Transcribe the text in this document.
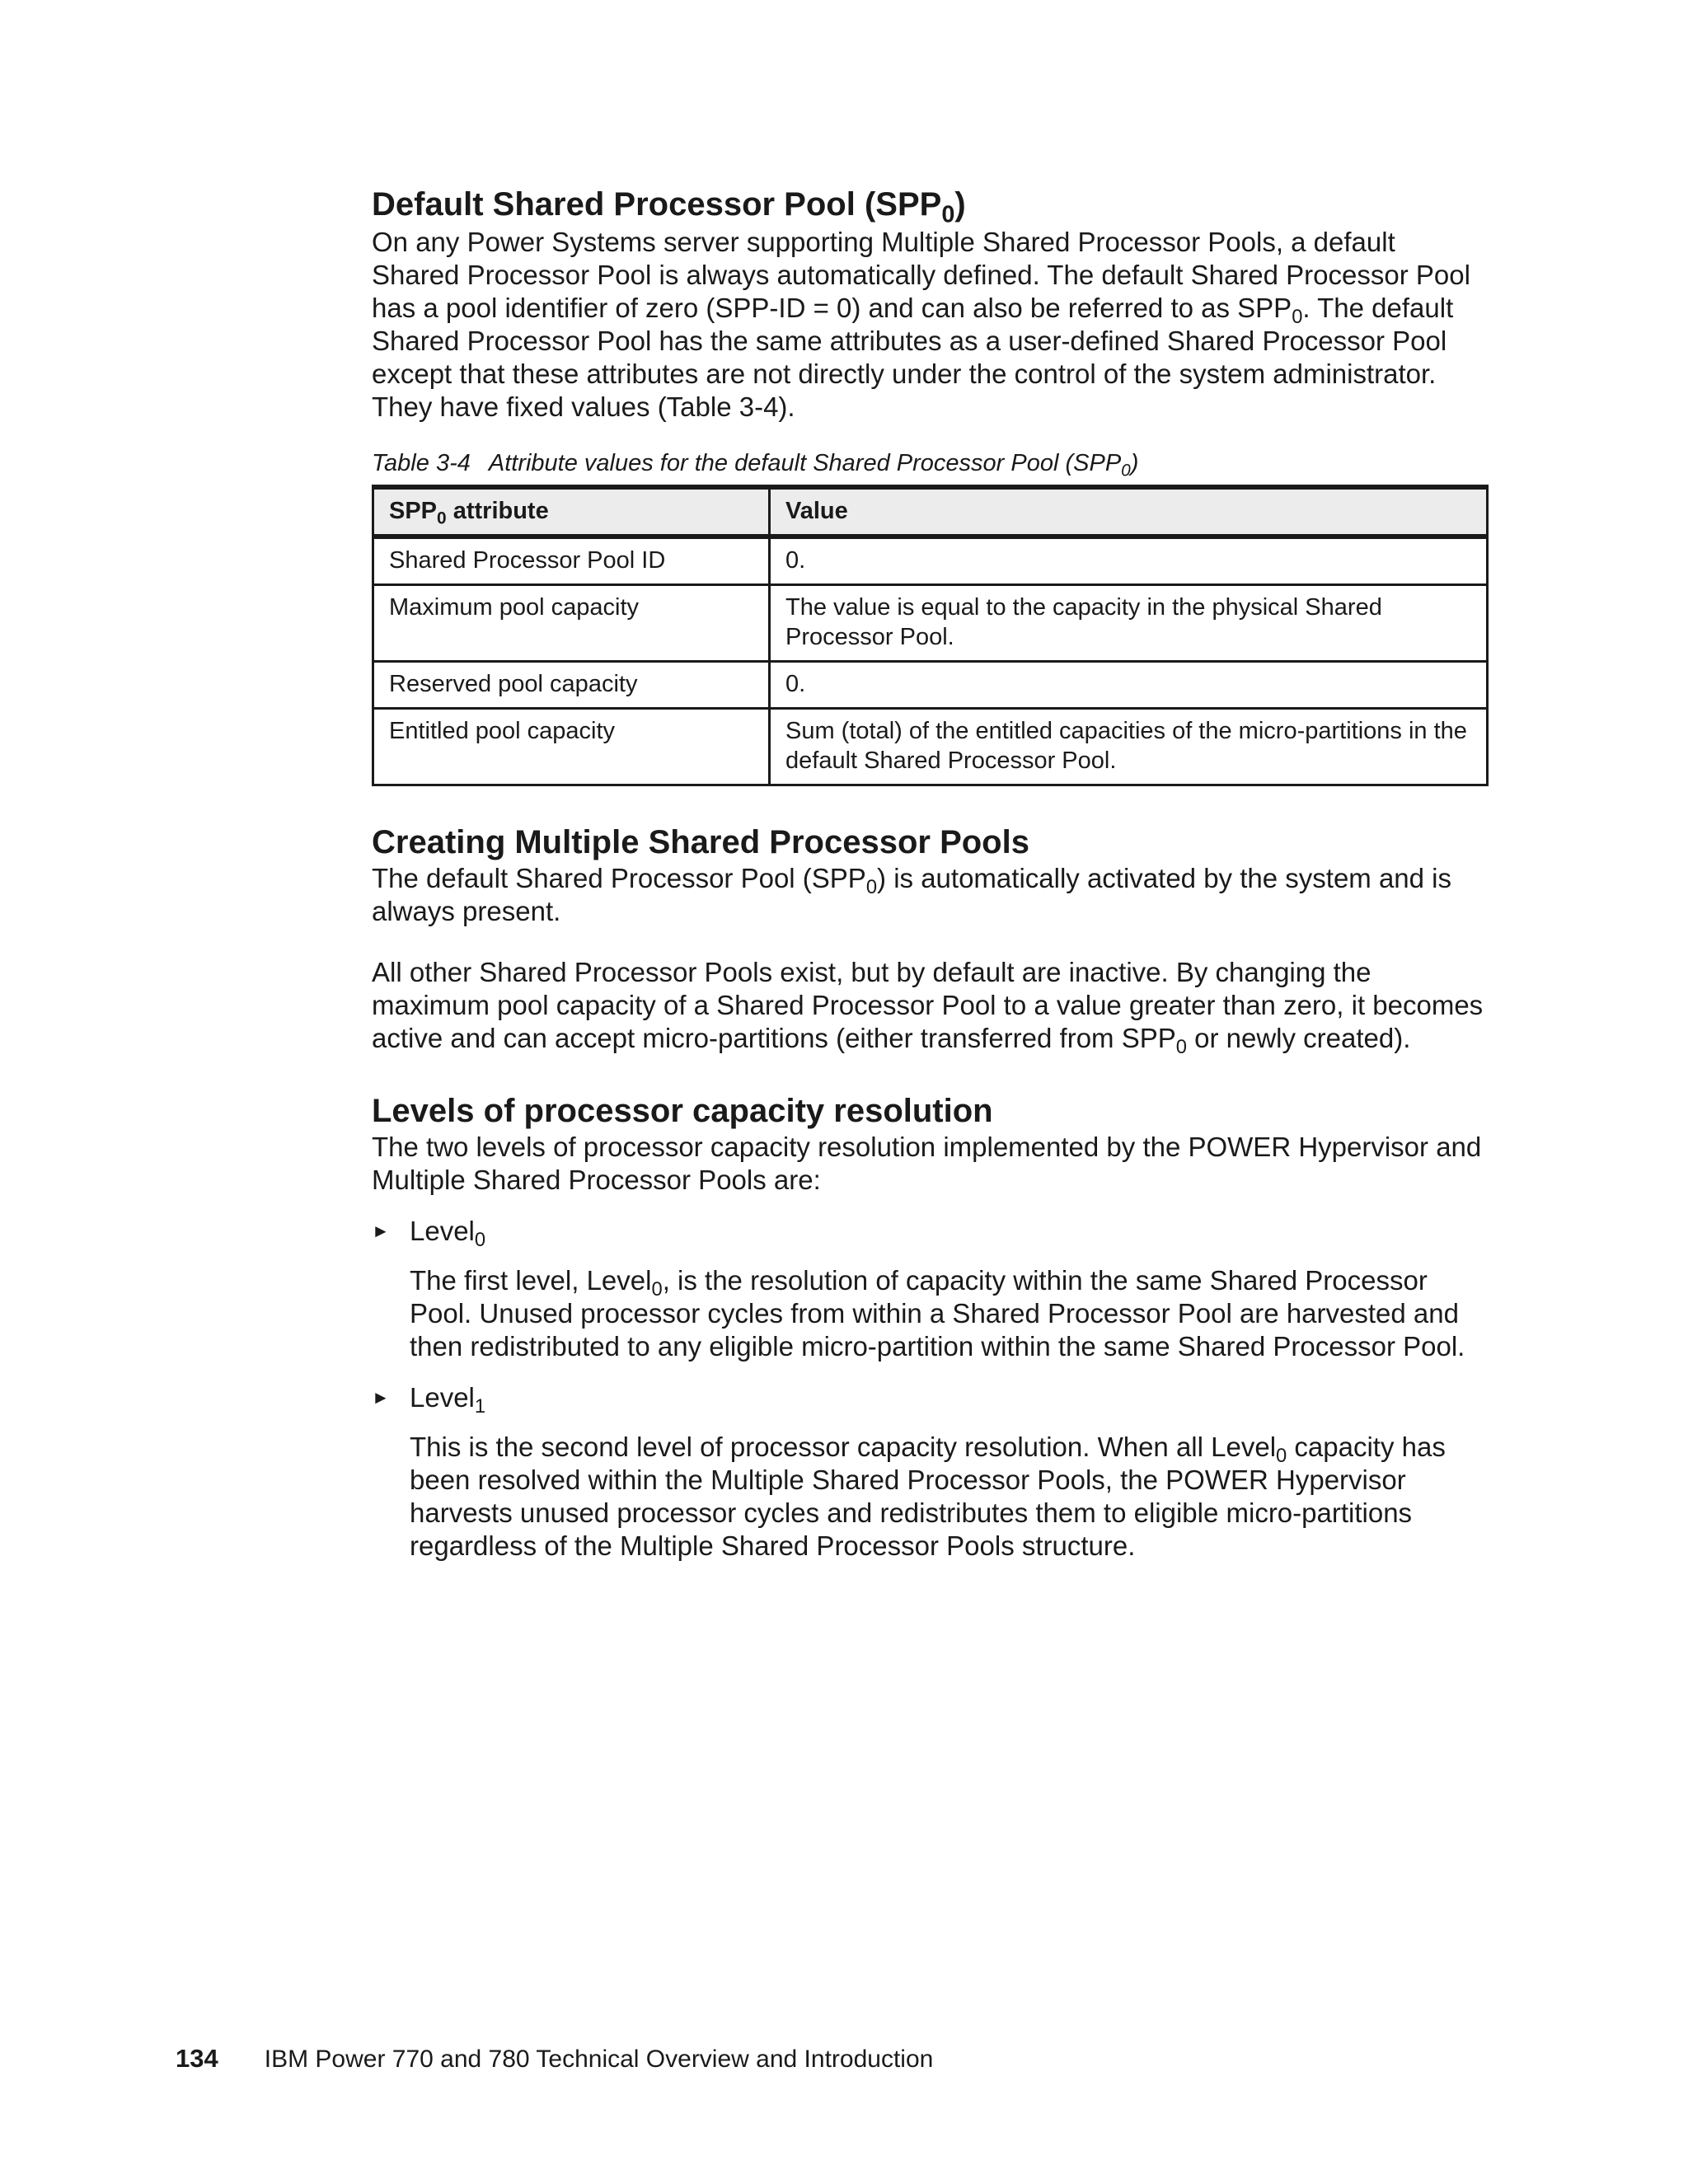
Default Shared Processor Pool $(SPP_0)$

On any Power Systems server supporting Multiple Shared Processor Pools, a default Shared Processor Pool is always automatically defined. The default Shared Processor Pool has a pool identifier of zero (SPP-ID = 0) and can also be referred to as $SPP_0$. The default Shared Processor Pool has the same attributes as a user-defined Shared Processor Pool except that these attributes are not directly under the control of the system administrator. They have fixed values (Table 3-4).

Table 3-4 Attribute values for the default Shared Processor Pool $(SPP_0)$
$SPP_0$ attribute	Value
Shared Processor Pool ID	0.
Maximum pool capacity	The value is equal to the capacity in the physical Shared Processor Pool.
Reserved pool capacity	0.
Entitled pool capacity	Sum (total) of the entitled capacities of the micro-partitions in the default Shared Processor Pool.
Creating Multiple Shared Processor Pools

The default Shared Processor Pool $(SPP_0)$ is automatically activated by the system and is always present.

All other Shared Processor Pools exist, but by default are inactive. By changing the maximum pool capacity of a Shared Processor Pool to a value greater than zero, it becomes active and can accept micro-partitions (either transferred from $SPP_0$ or newly created).

Levels of processor capacity resolution

The two levels of processor capacity resolution implemented by the POWER Hypervisor and Multiple Shared Processor Pools are:

► Level$_0$

The first level, Level$_0$, is the resolution of capacity within the same Shared Processor Pool. Unused processor cycles from within a Shared Processor Pool are harvested and then redistributed to any eligible micro-partition within the same Shared Processor Pool.

► Level$_1$

This is the second level of processor capacity resolution. When all Level$_0$ capacity has been resolved within the Multiple Shared Processor Pools, the POWER Hypervisor harvests unused processor cycles and redistributes them to eligible micro-partitions regardless of the Multiple Shared Processor Pools structure.

134 IBM Power 770 and 780 Technical Overview and Introduction
